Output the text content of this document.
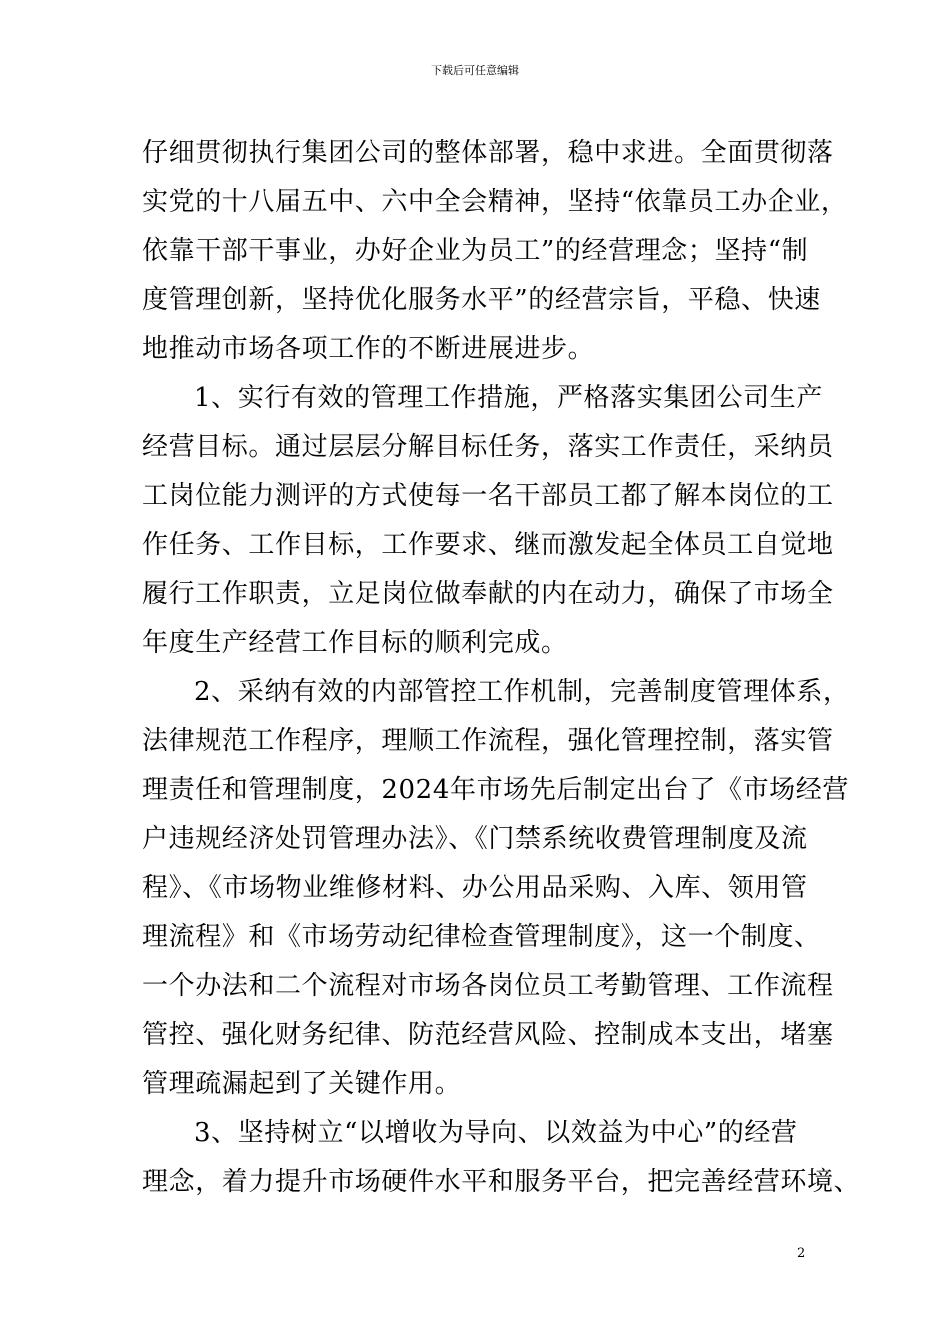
下载后可任意编辑
仔细贯彻执行集团公司的整体部署，稳中求进。全面贯彻落
实党的十八届五中、六中全会精神，坚持“依靠员工办企业，
依靠干部干事业，办好企业为员工”的经营理念；坚持“制
度管理创新，坚持优化服务水平”的经营宗旨，平稳、快速
地推动市场各项工作的不断进展进步。
1、实行有效的管理工作措施，严格落实集团公司生产
经营目标。通过层层分解目标任务，落实工作责任，采纳员
工岗位能力测评的方式使每一名干部员工都了解本岗位的工
作任务、工作目标，工作要求、继而激发起全体员工自觉地
履行工作职责，立足岗位做奉献的内在动力，确保了市场全
年度生产经营工作目标的顺利完成。
2、采纳有效的内部管控工作机制，完善制度管理体系，
法律规范工作程序，理顺工作流程，强化管理控制，落实管
理责任和管理制度，2024年市场先后制定出台了《市场经营
户违规经济处罚管理办法》、《门禁系统收费管理制度及流
程》、《市场物业维修材料、办公用品采购、入库、领用管
理流程》和《市场劳动纪律检查管理制度》，这一个制度、
一个办法和二个流程对市场各岗位员工考勤管理、工作流程
管控、强化财务纪律、防范经营风险、控制成本支出，堵塞
管理疏漏起到了关键作用。
3、坚持树立“以增收为导向、以效益为中心”的经营
理念，着力提升市场硬件水平和服务平台，把完善经营环境、
2
